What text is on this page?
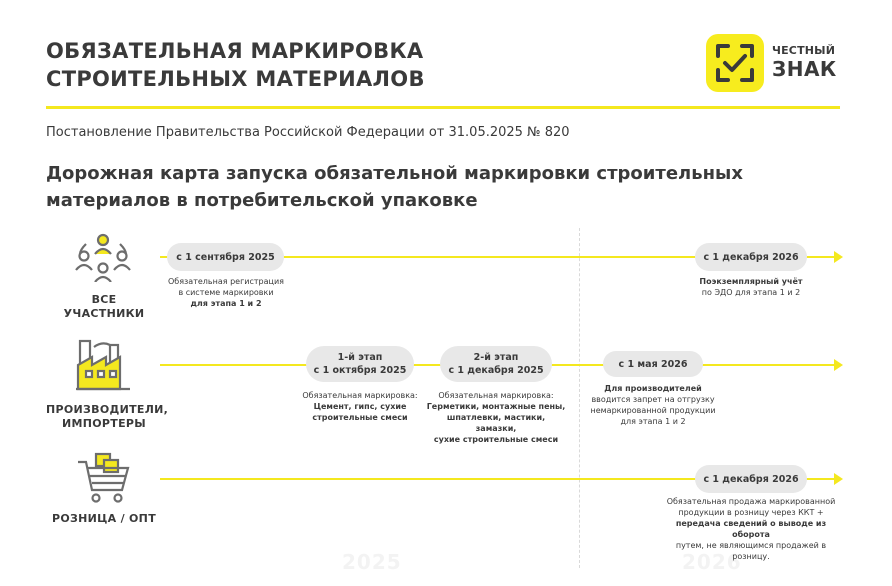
ОБЯЗАТЕЛЬНАЯ МАРКИРОВКА
СТРОИТЕЛЬНЫХ МАТЕРИАЛОВ
ЧЕСТНЫЙ
ЗНАК
Постановление Правительства Российской Федерации от 31.05.2025 № 820
Дорожная карта запуска обязательной маркировки строительных
материалов в потребительской упаковке
2025	2026
ВСЕ УЧАСТНИКИ
с 1 сентября 2025
Обязательная регистрация
в системе маркировки
для этапа 1 и 2
с 1 декабря 2026
Поэкземплярный учёт
по ЭДО для этапа 1 и 2
ПРОИЗВОДИТЕЛИ,
ИМПОРТЕРЫ
1-й этап
с 1 октября 2025
Обязательная маркировка:
Цемент, гипс, сухие
строительные смеси
2-й этап
с 1 декабря 2025
Обязательная маркировка:
Герметики, монтажные пены,
шпатлевки, мастики, замазки,
сухие строительные смеси
с 1 мая 2026
Для производителей
вводится запрет на отгрузку
немаркированной продукции
для этапа 1 и 2
РОЗНИЦА / ОПТ
с 1 декабря 2026
Обязательная продажа маркированной
продукции в розницу через ККТ +
передача сведений о выводе из оборота
путем, не являющимся продажей в розницу.
